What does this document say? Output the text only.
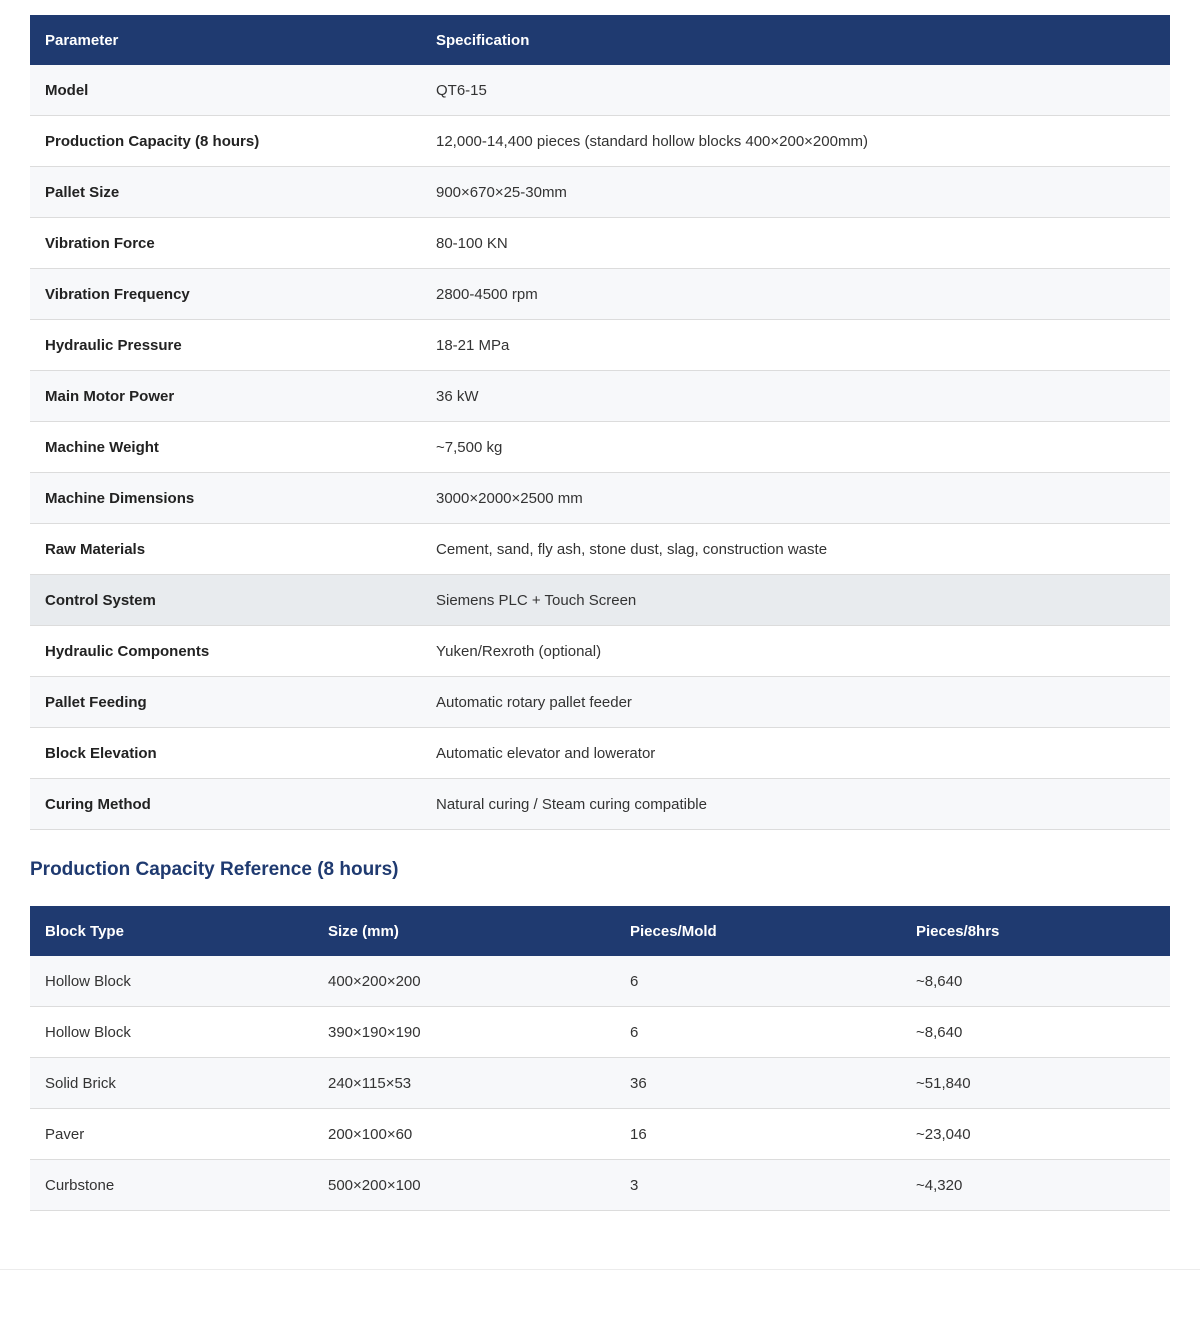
Parameter	Specification
Model	QT6-15
Production Capacity (8 hours)	12,000-14,400 pieces (standard hollow blocks 400×200×200mm)
Pallet Size	900×670×25-30mm
Vibration Force	80-100 KN
Vibration Frequency	2800-4500 rpm
Hydraulic Pressure	18-21 MPa
Main Motor Power	36 kW
Machine Weight	~7,500 kg
Machine Dimensions	3000×2000×2500 mm
Raw Materials	Cement, sand, fly ash, stone dust, slag, construction waste
Control System	Siemens PLC + Touch Screen
Hydraulic Components	Yuken/Rexroth (optional)
Pallet Feeding	Automatic rotary pallet feeder
Block Elevation	Automatic elevator and lowerator
Curing Method	Natural curing / Steam curing compatible
Production Capacity Reference (8 hours)
Block Type	Size (mm)	Pieces/Mold	Pieces/8hrs
Hollow Block	400×200×200	6	~8,640
Hollow Block	390×190×190	6	~8,640
Solid Brick	240×115×53	36	~51,840
Paver	200×100×60	16	~23,040
Curbstone	500×200×100	3	~4,320
